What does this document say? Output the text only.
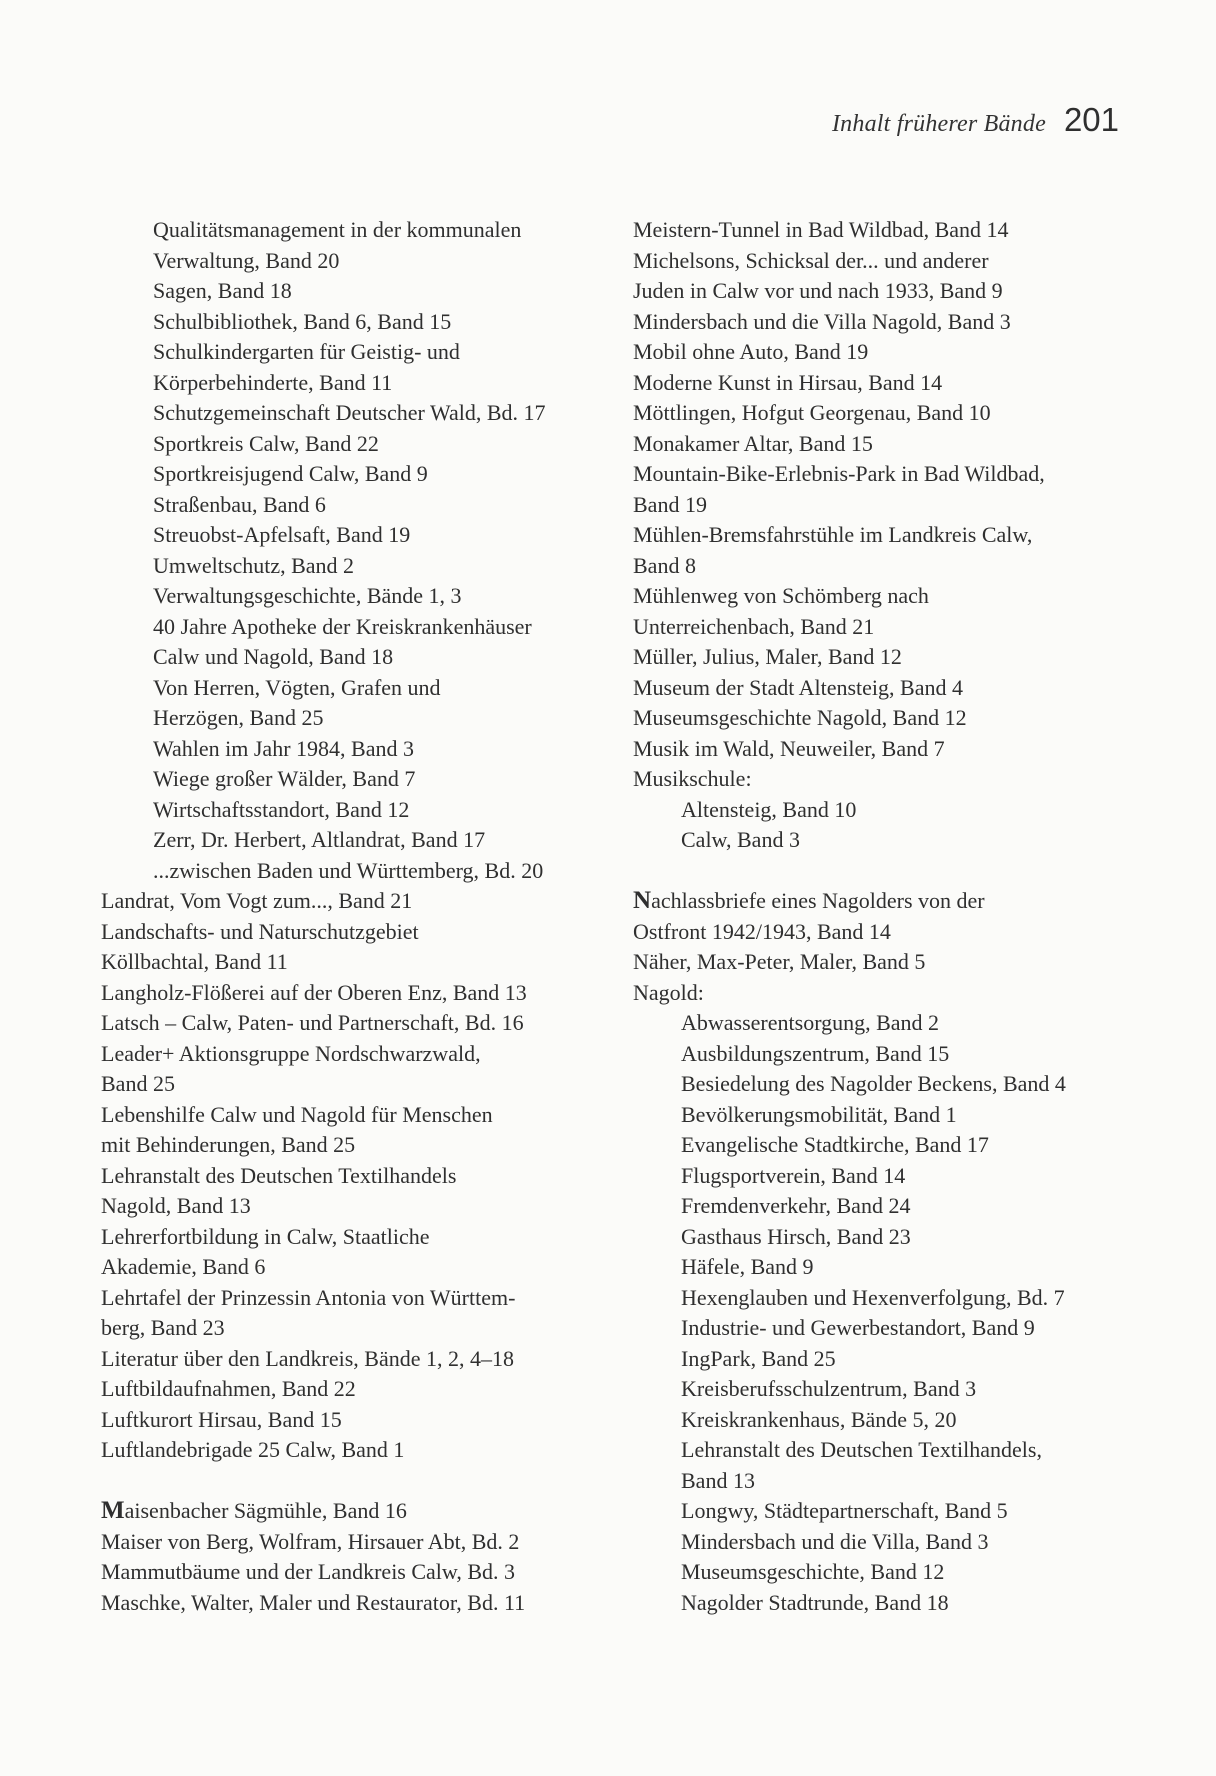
Inhalt früherer Bände 201
Qualitätsmanagement in der kommunalen
Verwaltung, Band 20
Sagen, Band 18
Schulbibliothek, Band 6, Band 15
Schulkindergarten für Geistig- und
Körperbehinderte, Band 11
Schutzgemeinschaft Deutscher Wald, Bd. 17
Sportkreis Calw, Band 22
Sportkreisjugend Calw, Band 9
Straßenbau, Band 6
Streuobst-Apfelsaft, Band 19
Umweltschutz, Band 2
Verwaltungsgeschichte, Bände 1, 3
40 Jahre Apotheke der Kreiskrankenhäuser
Calw und Nagold, Band 18
Von Herren, Vögten, Grafen und
Herzögen, Band 25
Wahlen im Jahr 1984, Band 3
Wiege großer Wälder, Band 7
Wirtschaftsstandort, Band 12
Zerr, Dr. Herbert, Altlandrat, Band 17
...zwischen Baden und Württemberg, Bd. 20
Landrat, Vom Vogt zum..., Band 21
Landschafts- und Naturschutzgebiet
Köllbachtal, Band 11
Langholz-Flößerei auf der Oberen Enz, Band 13
Latsch – Calw, Paten- und Partnerschaft, Bd. 16
Leader+ Aktionsgruppe Nordschwarzwald,
Band 25
Lebenshilfe Calw und Nagold für Menschen
mit Behinderungen, Band 25
Lehranstalt des Deutschen Textilhandels
Nagold, Band 13
Lehrerfortbildung in Calw, Staatliche
Akademie, Band 6
Lehrtafel der Prinzessin Antonia von Württem-
berg, Band 23
Literatur über den Landkreis, Bände 1, 2, 4–18
Luftbildaufnahmen, Band 22
Luftkurort Hirsau, Band 15
Luftlandebrigade 25 Calw, Band 1
Maisenbacher Sägmühle, Band 16
Maiser von Berg, Wolfram, Hirsauer Abt, Bd. 2
Mammutbäume und der Landkreis Calw, Bd. 3
Maschke, Walter, Maler und Restaurator, Bd. 11
Meistern-Tunnel in Bad Wildbad, Band 14
Michelsons, Schicksal der... und anderer
Juden in Calw vor und nach 1933, Band 9
Mindersbach und die Villa Nagold, Band 3
Mobil ohne Auto, Band 19
Moderne Kunst in Hirsau, Band 14
Möttlingen, Hofgut Georgenau, Band 10
Monakamer Altar, Band 15
Mountain-Bike-Erlebnis-Park in Bad Wildbad,
Band 19
Mühlen-Bremsfahrstühle im Landkreis Calw,
Band 8
Mühlenweg von Schömberg nach
Unterreichenbach, Band 21
Müller, Julius, Maler, Band 12
Museum der Stadt Altensteig, Band 4
Museumsgeschichte Nagold, Band 12
Musik im Wald, Neuweiler, Band 7
Musikschule:
Altensteig, Band 10
Calw, Band 3
Nachlassbriefe eines Nagolders von der
Ostfront 1942/1943, Band 14
Näher, Max-Peter, Maler, Band 5
Nagold:
Abwasserentsorgung, Band 2
Ausbildungszentrum, Band 15
Besiedelung des Nagolder Beckens, Band 4
Bevölkerungsmobilität, Band 1
Evangelische Stadtkirche, Band 17
Flugsportverein, Band 14
Fremdenverkehr, Band 24
Gasthaus Hirsch, Band 23
Häfele, Band 9
Hexenglauben und Hexenverfolgung, Bd. 7
Industrie- und Gewerbestandort, Band 9
IngPark, Band 25
Kreisberufsschulzentrum, Band 3
Kreiskrankenhaus, Bände 5, 20
Lehranstalt des Deutschen Textilhandels,
Band 13
Longwy, Städtepartnerschaft, Band 5
Mindersbach und die Villa, Band 3
Museumsgeschichte, Band 12
Nagolder Stadtrunde, Band 18
